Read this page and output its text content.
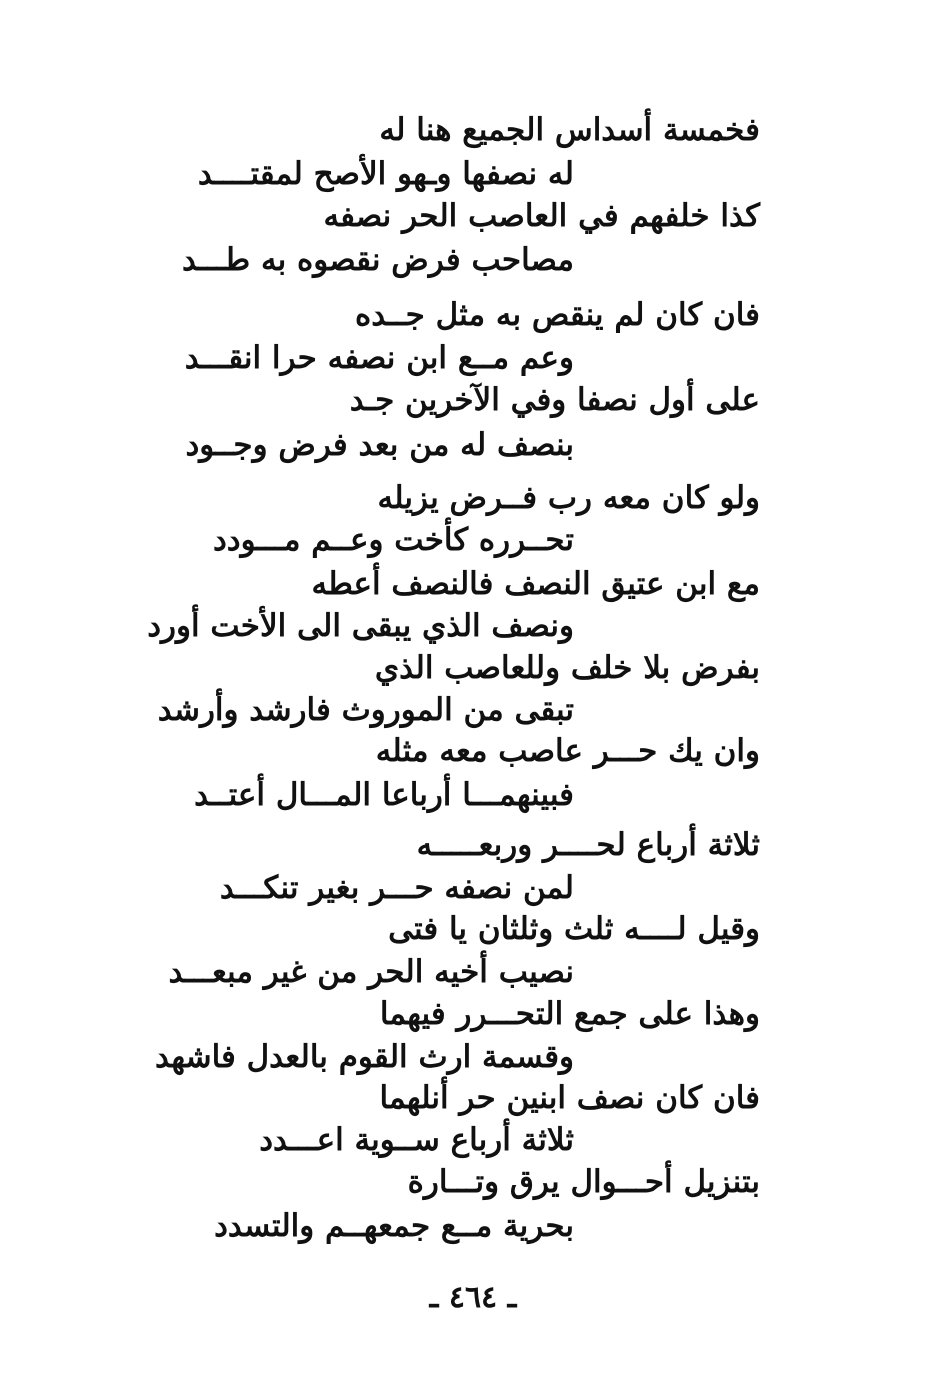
فخمسة أسداس الجميع هنا له
له نصفها وـهو الأصح لمقتــــد
كذا خلفهم في العاصب الحر نصفه
مصاحب فرض نقصوه به طـــد
فان كان لم ينقص به مثل جــده
وعم مــع ابن نصفه حرا انقـــد
على أول نصفا وفي الآخرين جـد
بنصف له من بعد فرض وجــود
ولو كان معه رب فــرض يزيله
تحــرره كأخت وعــم مـــودد
مع ابن عتيق النصف فالنصف أعطه
ونصف الذي يبقى الى الأخت أورد
بفرض بلا خلف وللعاصب الذي
تبقى من الموروث فارشد وأرشد
وان يك حـــر عاصب معه مثله
فبينهمـــا أرباعا المـــال أعتــد
ثلاثة أرباع لحــــر وربعـــــه
لمن نصفه حـــر بغير تنكـــد
وقيل لــــه ثلث وثلثان يا فتى
نصيب أخيه الحر من غير مبعـــد
وهذا على جمع التحـــرر فيهما
وقسمة ارث القوم بالعدل فاشهد
فان كان نصف ابنين حر أنلهما
ثلاثة أرباع ســوية اعـــدد
بتنزيل أحـــوال يرق وتـــارة
بحرية مــع جمعهــم والتسدد
ـ ٤٦٤ ـ
